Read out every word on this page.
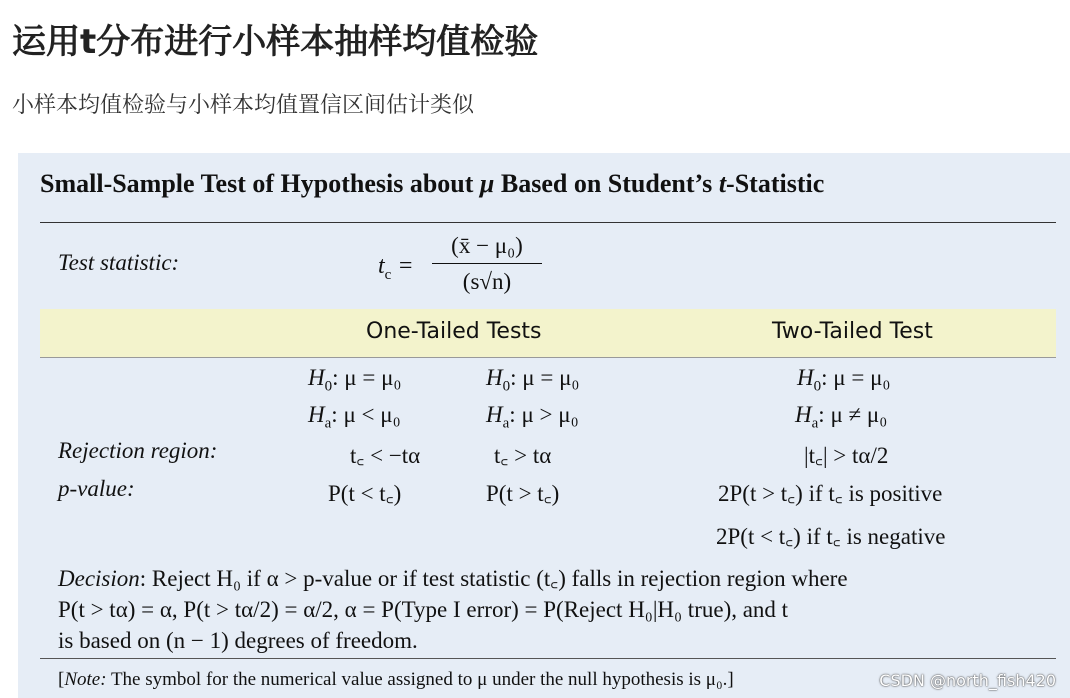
运用t分布进行小样本抽样均值检验
小样本均值检验与小样本均值置信区间估计类似
Small-Sample Test of Hypothesis about μ Based on Student’s t-Statistic
Test statistic:	$t_c$ =
(x̄ − μ₀)
(s√n)
One-Tailed Tests	Two-Tailed Test
$H_0$: μ = μ₀	$H_0$: μ = μ₀	$H_0$: μ = μ₀
$H_a$: μ < μ₀	$H_a$: μ > μ₀	$H_a$: μ ≠ μ₀
Rejection region:	t꜀ < −tα	t꜀ > tα	|t꜀| > tα/2
p-value:	P(t < t꜀)	P(t > t꜀)	2P(t > t꜀) if t꜀ is positive
2P(t < t꜀) if t꜀ is negative
Decision: Reject H₀ if α > p-value or if test statistic (t꜀) falls in rejection region where
P(t > tα) = α, P(t > tα/2) = α/2, α = P(Type I error) = P(Reject H₀|H₀ true), and t
is based on (n − 1) degrees of freedom.
[Note: The symbol for the numerical value assigned to μ under the null hypothesis is μ₀.]	CSDN @north_fish420
